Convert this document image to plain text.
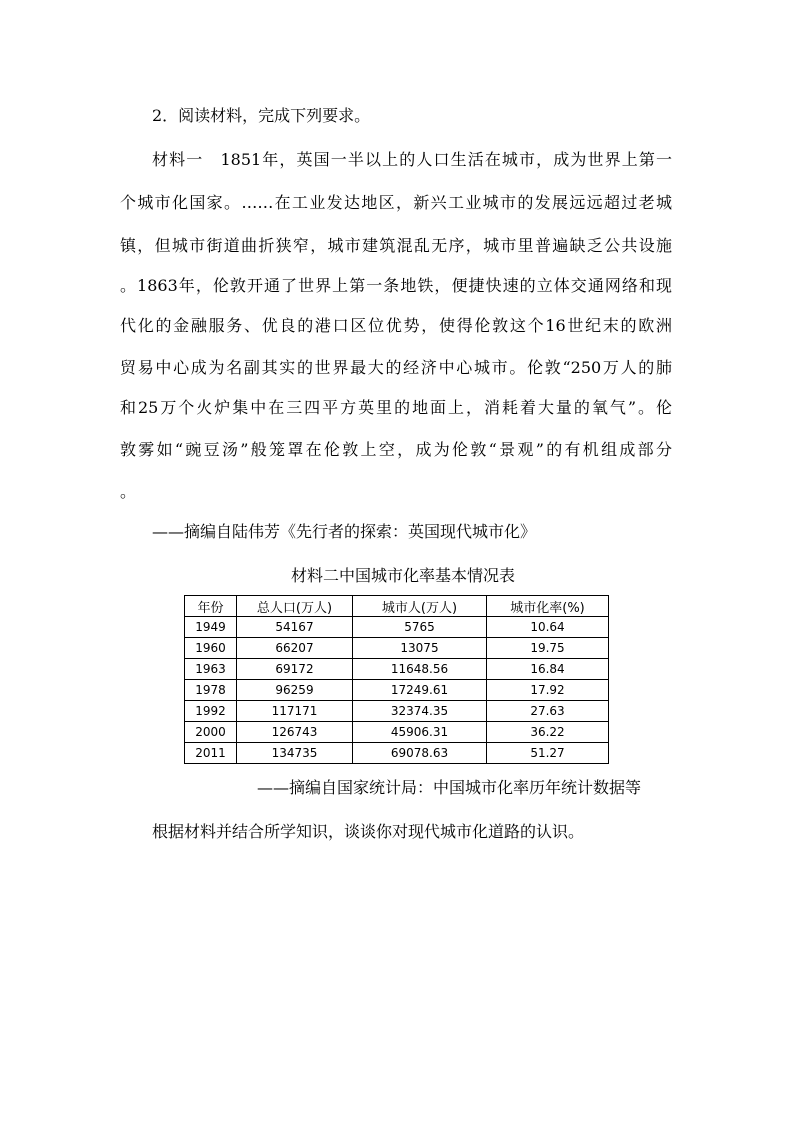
2．阅读材料，完成下列要求。
材料一　1851年，英国一半以上的人口生活在城市，成为世界上第一
个城市化国家。……在工业发达地区，新兴工业城市的发展远远超过老城
镇，但城市街道曲折狭窄，城市建筑混乱无序，城市里普遍缺乏公共设施
。1863年，伦敦开通了世界上第一条地铁，便捷快速的立体交通网络和现
代化的金融服务、优良的港口区位优势，使得伦敦这个16世纪末的欧洲
贸易中心成为名副其实的世界最大的经济中心城市。伦敦“250万人的肺
和25万个火炉集中在三四平方英里的地面上，消耗着大量的氧气”。伦
敦雾如“豌豆汤”般笼罩在伦敦上空，成为伦敦“景观”的有机组成部分
。
——摘编自陆伟芳《先行者的探索：英国现代城市化》
材料二中国城市化率基本情况表
年份	总人口(万人)	城市人(万人)	城市化率(%)
1949	54167	5765	10.64
1960	66207	13075	19.75
1963	69172	11648.56	16.84
1978	96259	17249.61	17.92
1992	117171	32374.35	27.63
2000	126743	45906.31	36.22
2011	134735	69078.63	51.27
——摘编自国家统计局：中国城市化率历年统计数据等
根据材料并结合所学知识，谈谈你对现代城市化道路的认识。
